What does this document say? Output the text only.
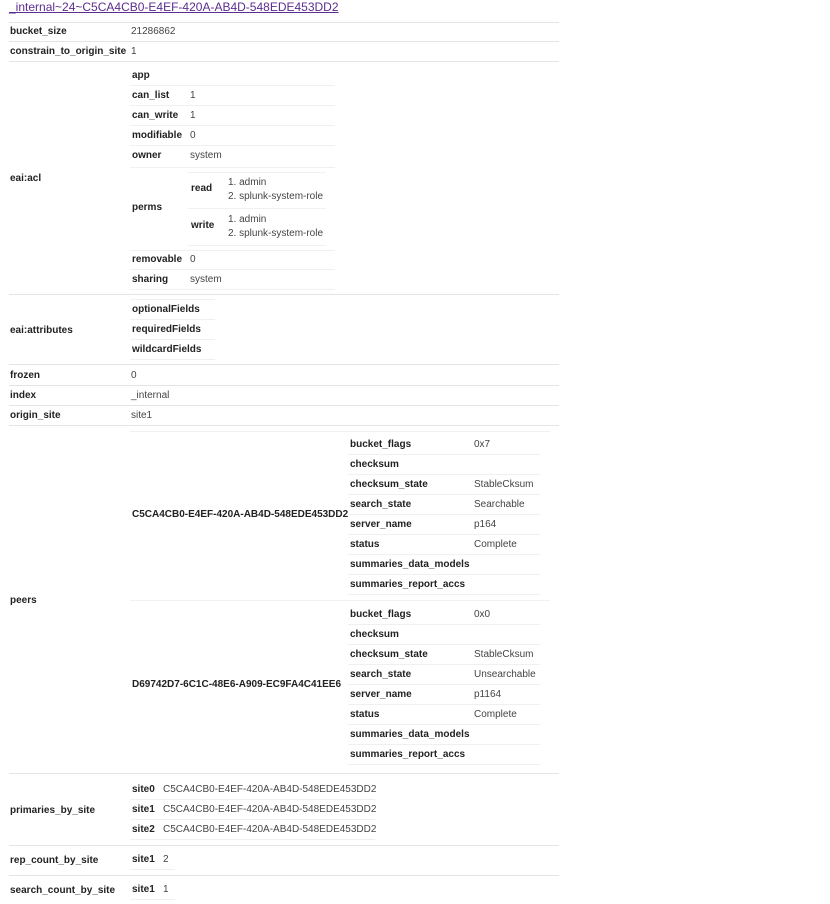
_internal~24~C5CA4CB0-E4EF-420A-AB4D-548EDE453DD2
bucket_size	21286862
constrain_to_origin_site 1
eai:acl
app
can_list 1
can_write 1
modifiable 0
owner	system
perms
read
1. admin
2. splunk-system-role
write
1. admin
2. splunk-system-role
removable 0
sharing system
eai:attributes
optionalFields
requiredFields
wildcardFields
frozen	0
index	_internal
origin_site	site1
peers
C5CA4CB0-E4EF-420A-AB4D-548EDE453DD2
bucket_flags	0x7
checksum
checksum_state	StableCksum
search_state	Searchable
server_name	p164
status	Complete
summaries_data_models
summaries_report_accs
D69742D7-6C1C-48E6-A909-EC9FA4C41EE6
bucket_flags	0x0
checksum
checksum_state	StableCksum
search_state	Unsearchable
server_name	p1164
status	Complete
summaries_data_models
summaries_report_accs
primaries_by_site
site0 C5CA4CB0-E4EF-420A-AB4D-548EDE453DD2
site1 C5CA4CB0-E4EF-420A-AB4D-548EDE453DD2
site2 C5CA4CB0-E4EF-420A-AB4D-548EDE453DD2
rep_count_by_site	site1 2
search_count_by_site site1 1
